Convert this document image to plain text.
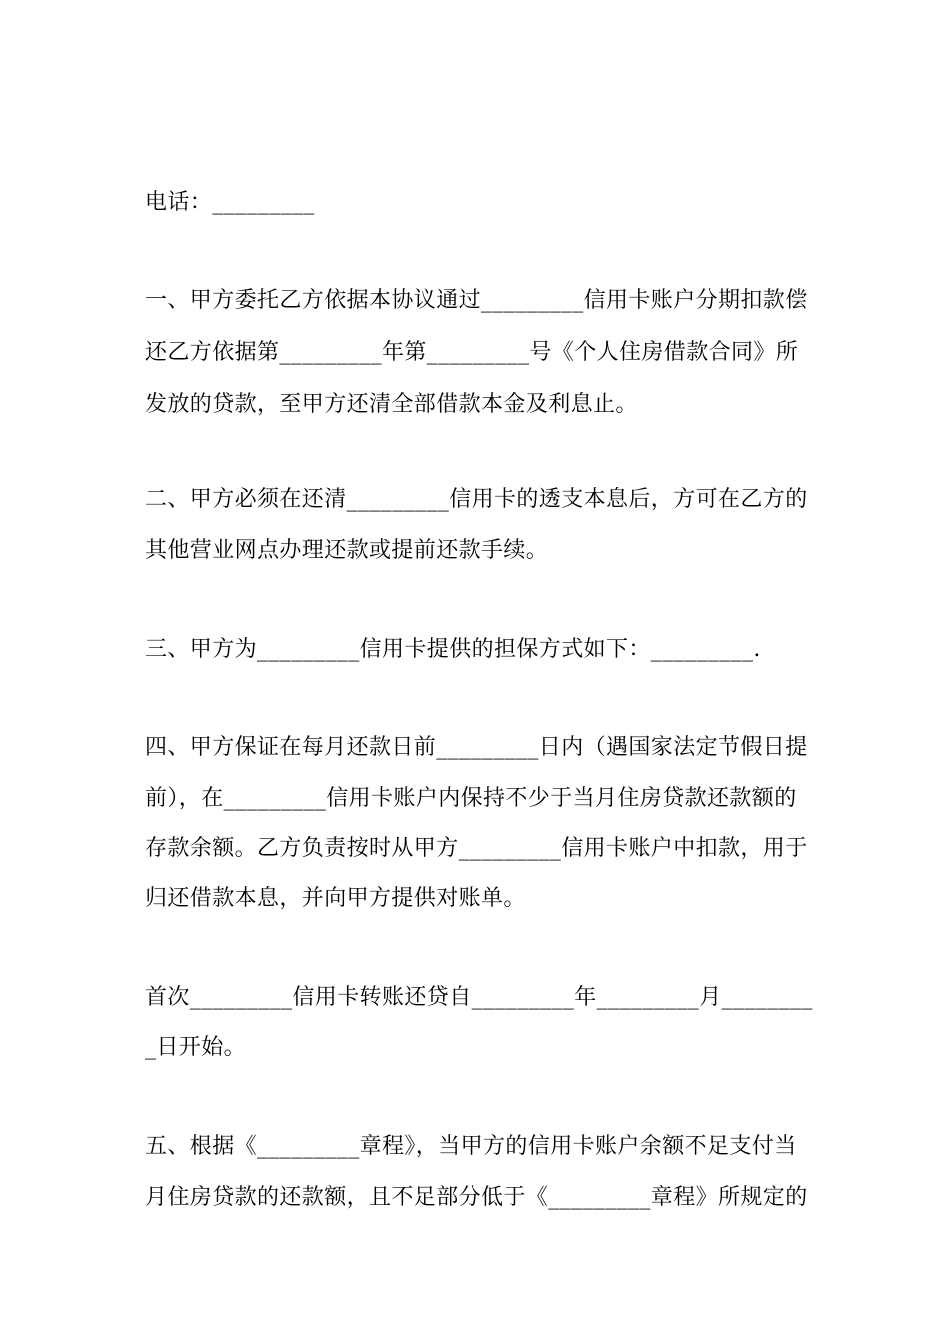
电话：_________
一、甲方委托乙方依据本协议通过_________信用卡账户分期扣款偿
还乙方依据第_________年第_________号《个人住房借款合同》所
发放的贷款，至甲方还清全部借款本金及利息止。
二、甲方必须在还清_________信用卡的透支本息后，方可在乙方的
其他营业网点办理还款或提前还款手续。
三、甲方为_________信用卡提供的担保方式如下：_________.
四、甲方保证在每月还款日前_________日内（遇国家法定节假日提
前），在_________信用卡账户内保持不少于当月住房贷款还款额的
存款余额。乙方负责按时从甲方_________信用卡账户中扣款，用于
归还借款本息，并向甲方提供对账单。
首次_________信用卡转账还贷自_________年_________月________
_日开始。
五、根据《_________章程》，当甲方的信用卡账户余额不足支付当
月住房贷款的还款额，且不足部分低于《_________章程》所规定的
